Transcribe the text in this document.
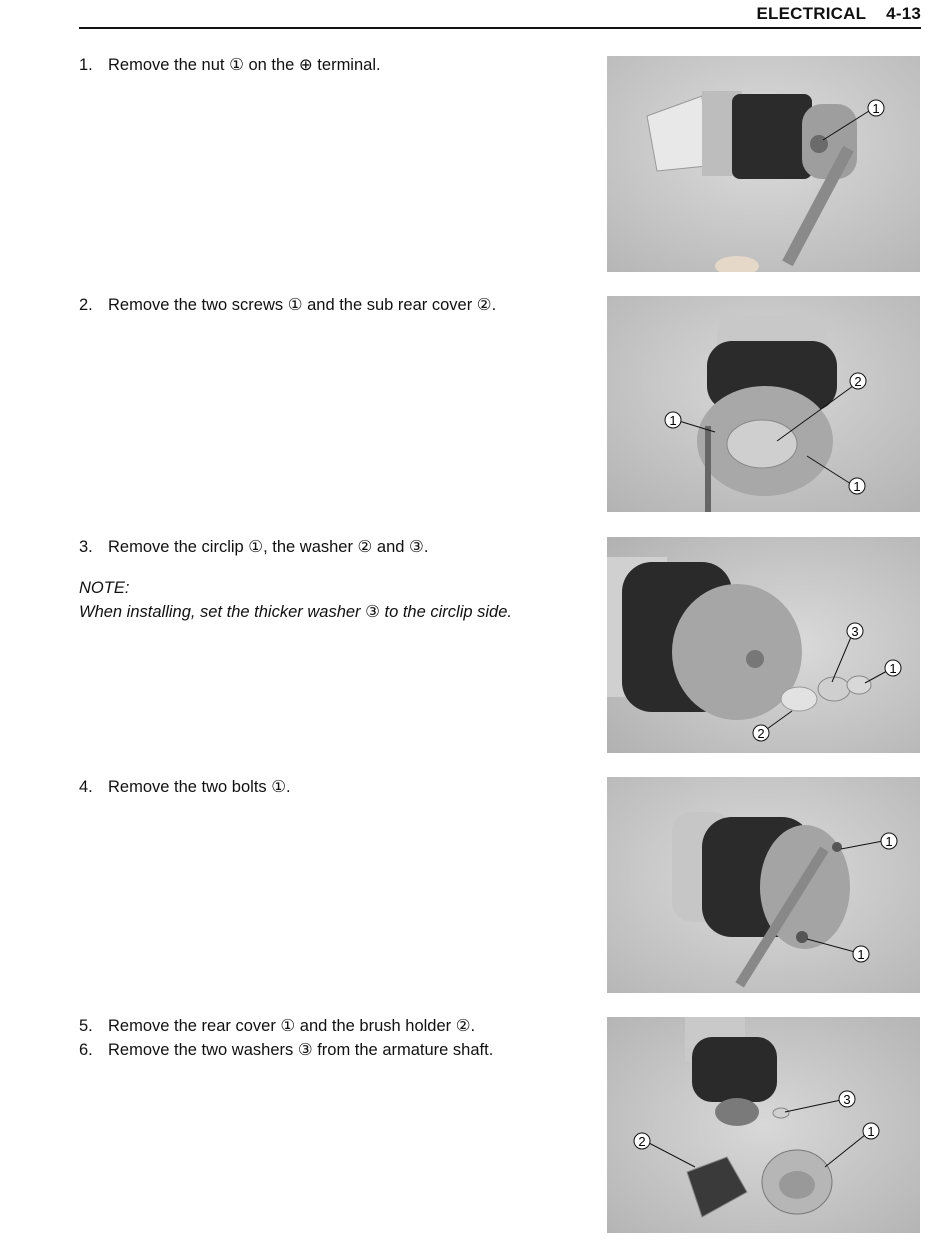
ELECTRICAL 4-13
1. Remove the nut ① on the ⊕ terminal.
1
2. Remove the two screws ① and the sub rear cover ②.
1
2
1
3. Remove the circlip ①, the washer ② and ③.
NOTE:
When installing, set the thicker washer ③ to the circlip side.
3
1
2
4. Remove the two bolts ①.
1
1
5. Remove the rear cover ① and the brush holder ②.
6. Remove the two washers ③ from the armature shaft.
3
2
1
